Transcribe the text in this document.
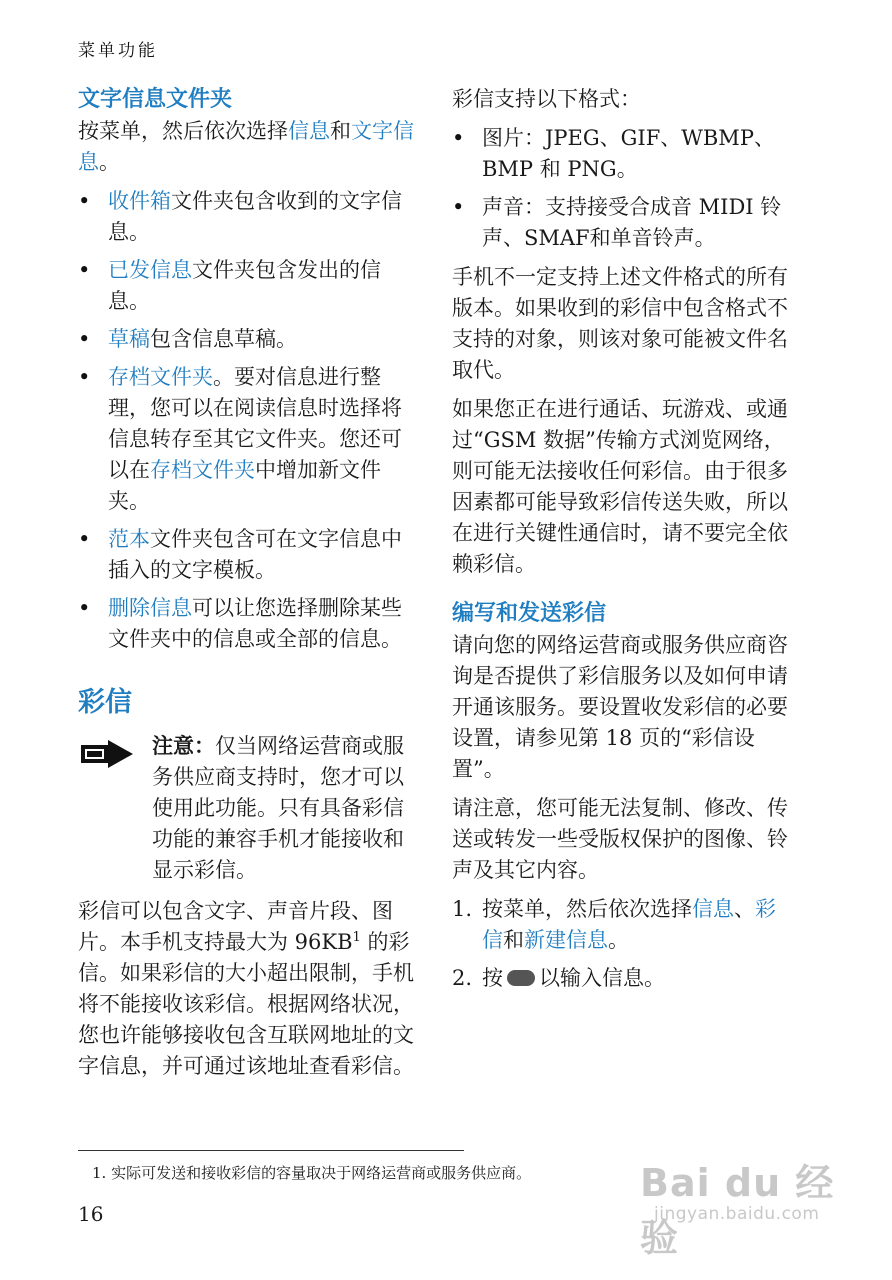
菜单功能
文字信息文件夹

按菜单，然后依次选择信息和文字信息。

• 收件箱文件夹包含收到的文字信息。
• 已发信息文件夹包含发出的信息。
• 草稿包含信息草稿。
• 存档文件夹。要对信息进行整理，您可以在阅读信息时选择将信息转存至其它文件夹。您还可以在存档文件夹中增加新文件夹。
• 范本文件夹包含可在文字信息中插入的文字模板。
• 删除信息可以让您选择删除某些文件夹中的信息或全部的信息。
彩信
注意：仅当网络运营商或服务供应商支持时，您才可以使用此功能。只有具备彩信功能的兼容手机才能接收和显示彩信。

彩信可以包含文字、声音片段、图片。本手机支持最大为 $96KB^1$ 的彩信。如果彩信的大小超出限制，手机将不能接收该彩信。根据网络状况，您也许能够接收包含互联网地址的文字信息，并可通过该地址查看彩信。

彩信支持以下格式：

• 图片：JPEG、GIF、WBMP、BMP 和 PNG。
• 声音：支持接受合成音 MIDI 铃声、SMAF和单音铃声。

手机不一定支持上述文件格式的所有版本。如果收到的彩信中包含格式不支持的对象，则该对象可能被文件名取代。

如果您正在进行通话、玩游戏、或通过“GSM 数据”传输方式浏览网络，则可能无法接收任何彩信。由于很多因素都可能导致彩信传送失败，所以在进行关键性通信时，请不要完全依赖彩信。

编写和发送彩信

请向您的网络运营商或服务供应商咨询是否提供了彩信服务以及如何申请开通该服务。要设置收发彩信的必要设置，请参见第 18 页的“彩信设置”。

请注意，您可能无法复制、修改、传送或转发一些受版权保护的图像、铃声及其它内容。

1. 按菜单，然后依次选择信息、彩信和新建信息。
2. 按 以输入信息。
1. 实际可发送和接收彩信的容量取决于网络运营商或服务供应商。
16
Bai du 经验
jingyan.baidu.com
